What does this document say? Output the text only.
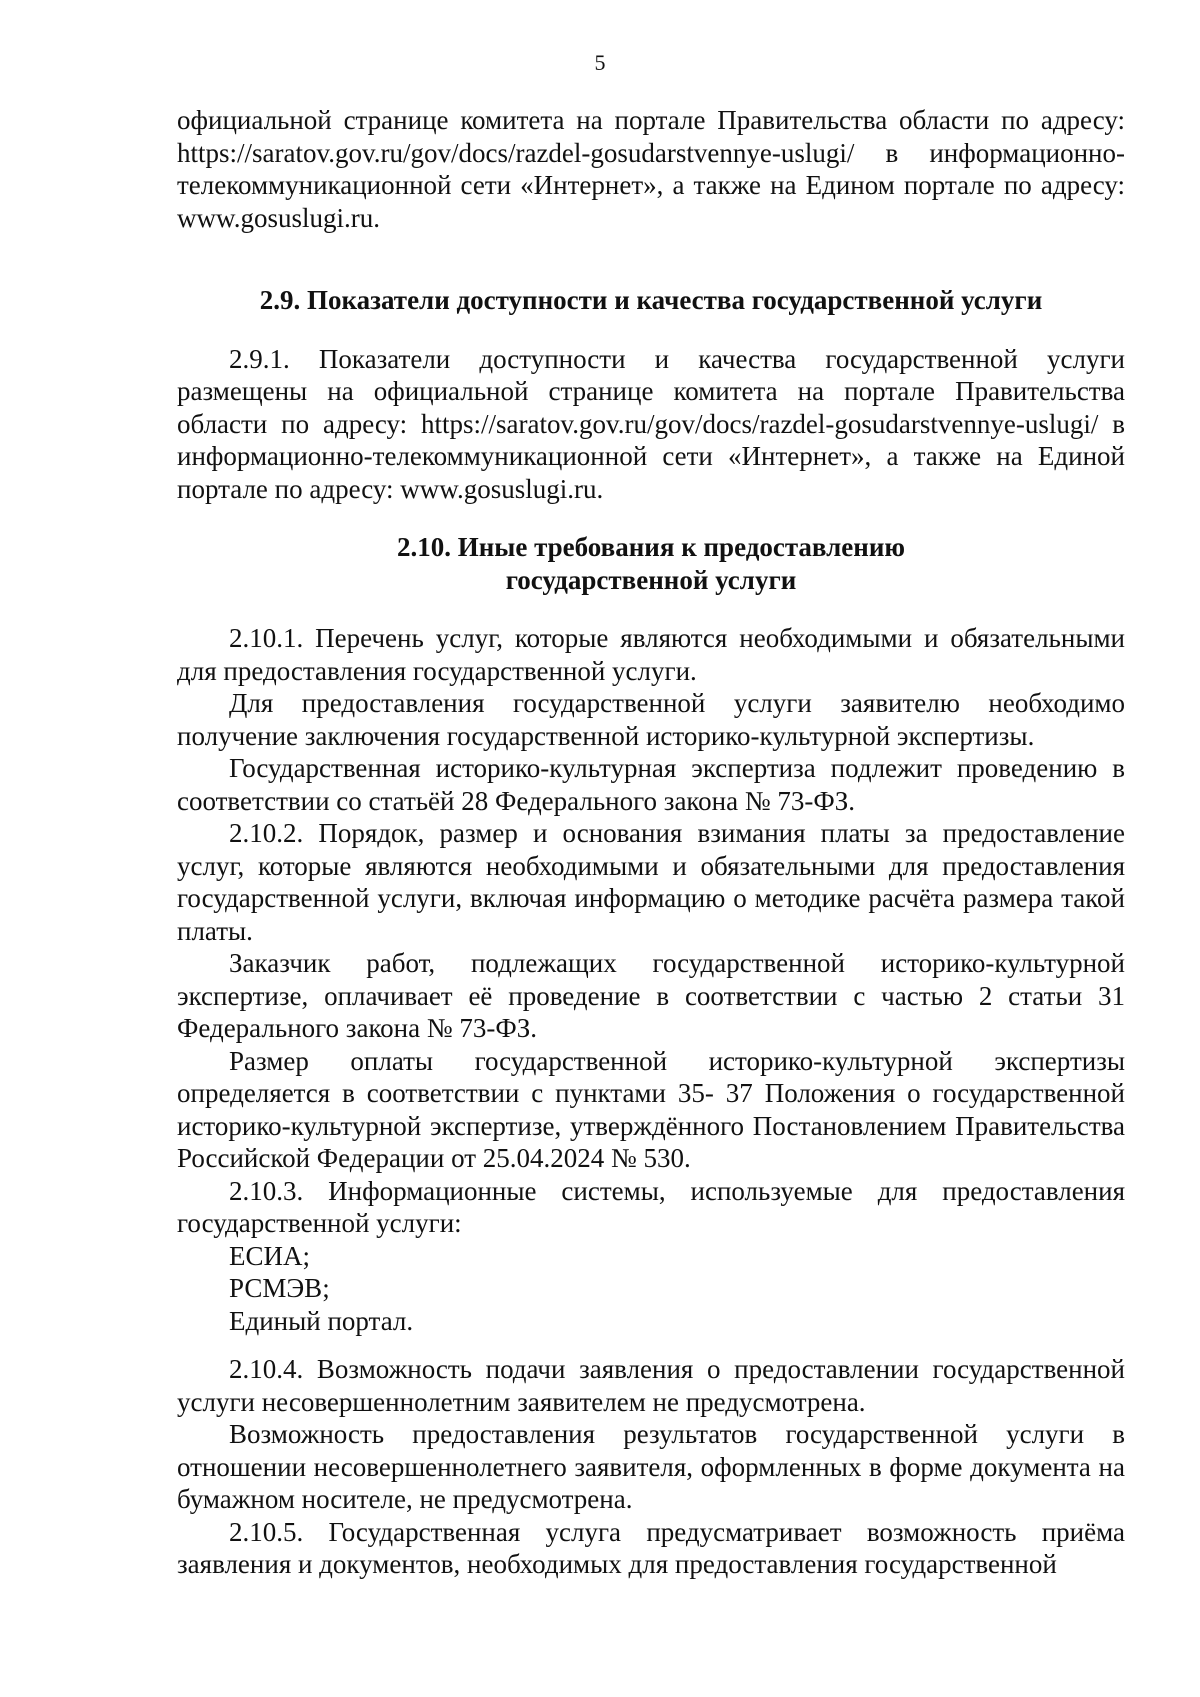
5

официальной странице комитета на портале Правительства области по адресу: https://saratov.gov.ru/gov/docs/razdel-gosudarstvennye-uslugi/ в информационно-телекоммуникационной сети «Интернет», а также на Едином портале по адресу: www.gosuslugi.ru.

2.9. Показатели доступности и качества государственной услуги

2.9.1. Показатели доступности и качества государственной услуги размещены на официальной странице комитета на портале Правительства области по адресу: https://saratov.gov.ru/gov/docs/razdel-gosudarstvennye-uslugi/ в информационно-телекоммуникационной сети «Интернет», а также на Единой портале по адресу: www.gosuslugi.ru.

2.10. Иные требования к предоставлению

государственной услуги

2.10.1. Перечень услуг, которые являются необходимыми и обязательными для предоставления государственной услуги.

Для предоставления государственной услуги заявителю необходимо получение заключения государственной историко-культурной экспертизы.

Государственная историко-культурная экспертиза подлежит проведению в соответствии со статьёй 28 Федерального закона № 73-ФЗ.

2.10.2. Порядок, размер и основания взимания платы за предоставление услуг, которые являются необходимыми и обязательными для предоставления государственной услуги, включая информацию о методике расчёта размера такой платы.

Заказчик работ, подлежащих государственной историко-культурной экспертизе, оплачивает её проведение в соответствии с частью 2 статьи 31 Федерального закона № 73-ФЗ.

Размер оплаты государственной историко-культурной экспертизы определяется в соответствии с пунктами 35- 37 Положения о государственной историко-культурной экспертизе, утверждённого Постановлением Правительства Российской Федерации от 25.04.2024 № 530.

2.10.3. Информационные системы, используемые для предоставления государственной услуги:

ЕСИА;

РСМЭВ;

Единый портал.

2.10.4. Возможность подачи заявления о предоставлении государственной услуги несовершеннолетним заявителем не предусмотрена.

Возможность предоставления результатов государственной услуги в отношении несовершеннолетнего заявителя, оформленных в форме документа на бумажном носителе, не предусмотрена.

2.10.5. Государственная услуга предусматривает возможность приёма заявления и документов, необходимых для предоставления государственной
